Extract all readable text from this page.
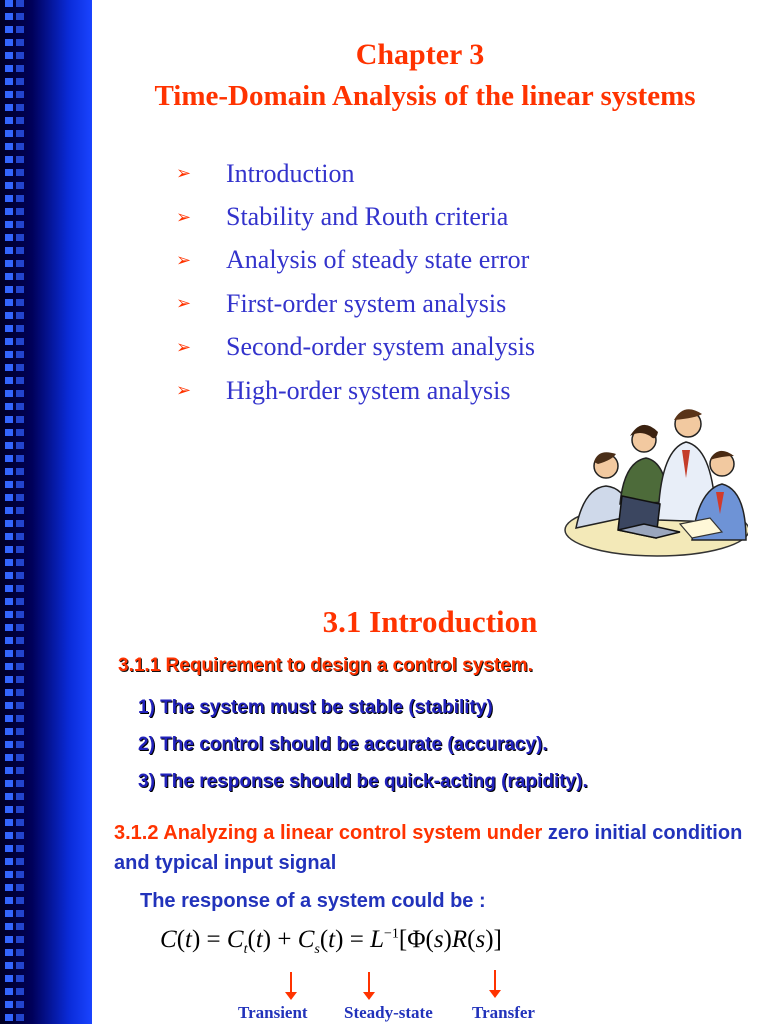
Chapter 3

Time-Domain Analysis of the linear systems

➢	Introduction
➢	Stability and Routh criteria
➢	Analysis of steady state error
➢	First-order system analysis
➢	Second-order system analysis
➢	High-order system analysis

3.1 Introduction

3.1.1 Requirement to design a control system.

1) The system must be stable (stability)

2) The control should be accurate (accuracy).

3) The response should be quick-acting (rapidity).

3.1.2 Analyzing a linear control system under zero initial condition and typical input signal

The response of a system could be :

$C(t) = C_t(t) + C_s(t) = L^{-1}[\Phi(s)R(s)]$

Transient Steady-state Transfer
